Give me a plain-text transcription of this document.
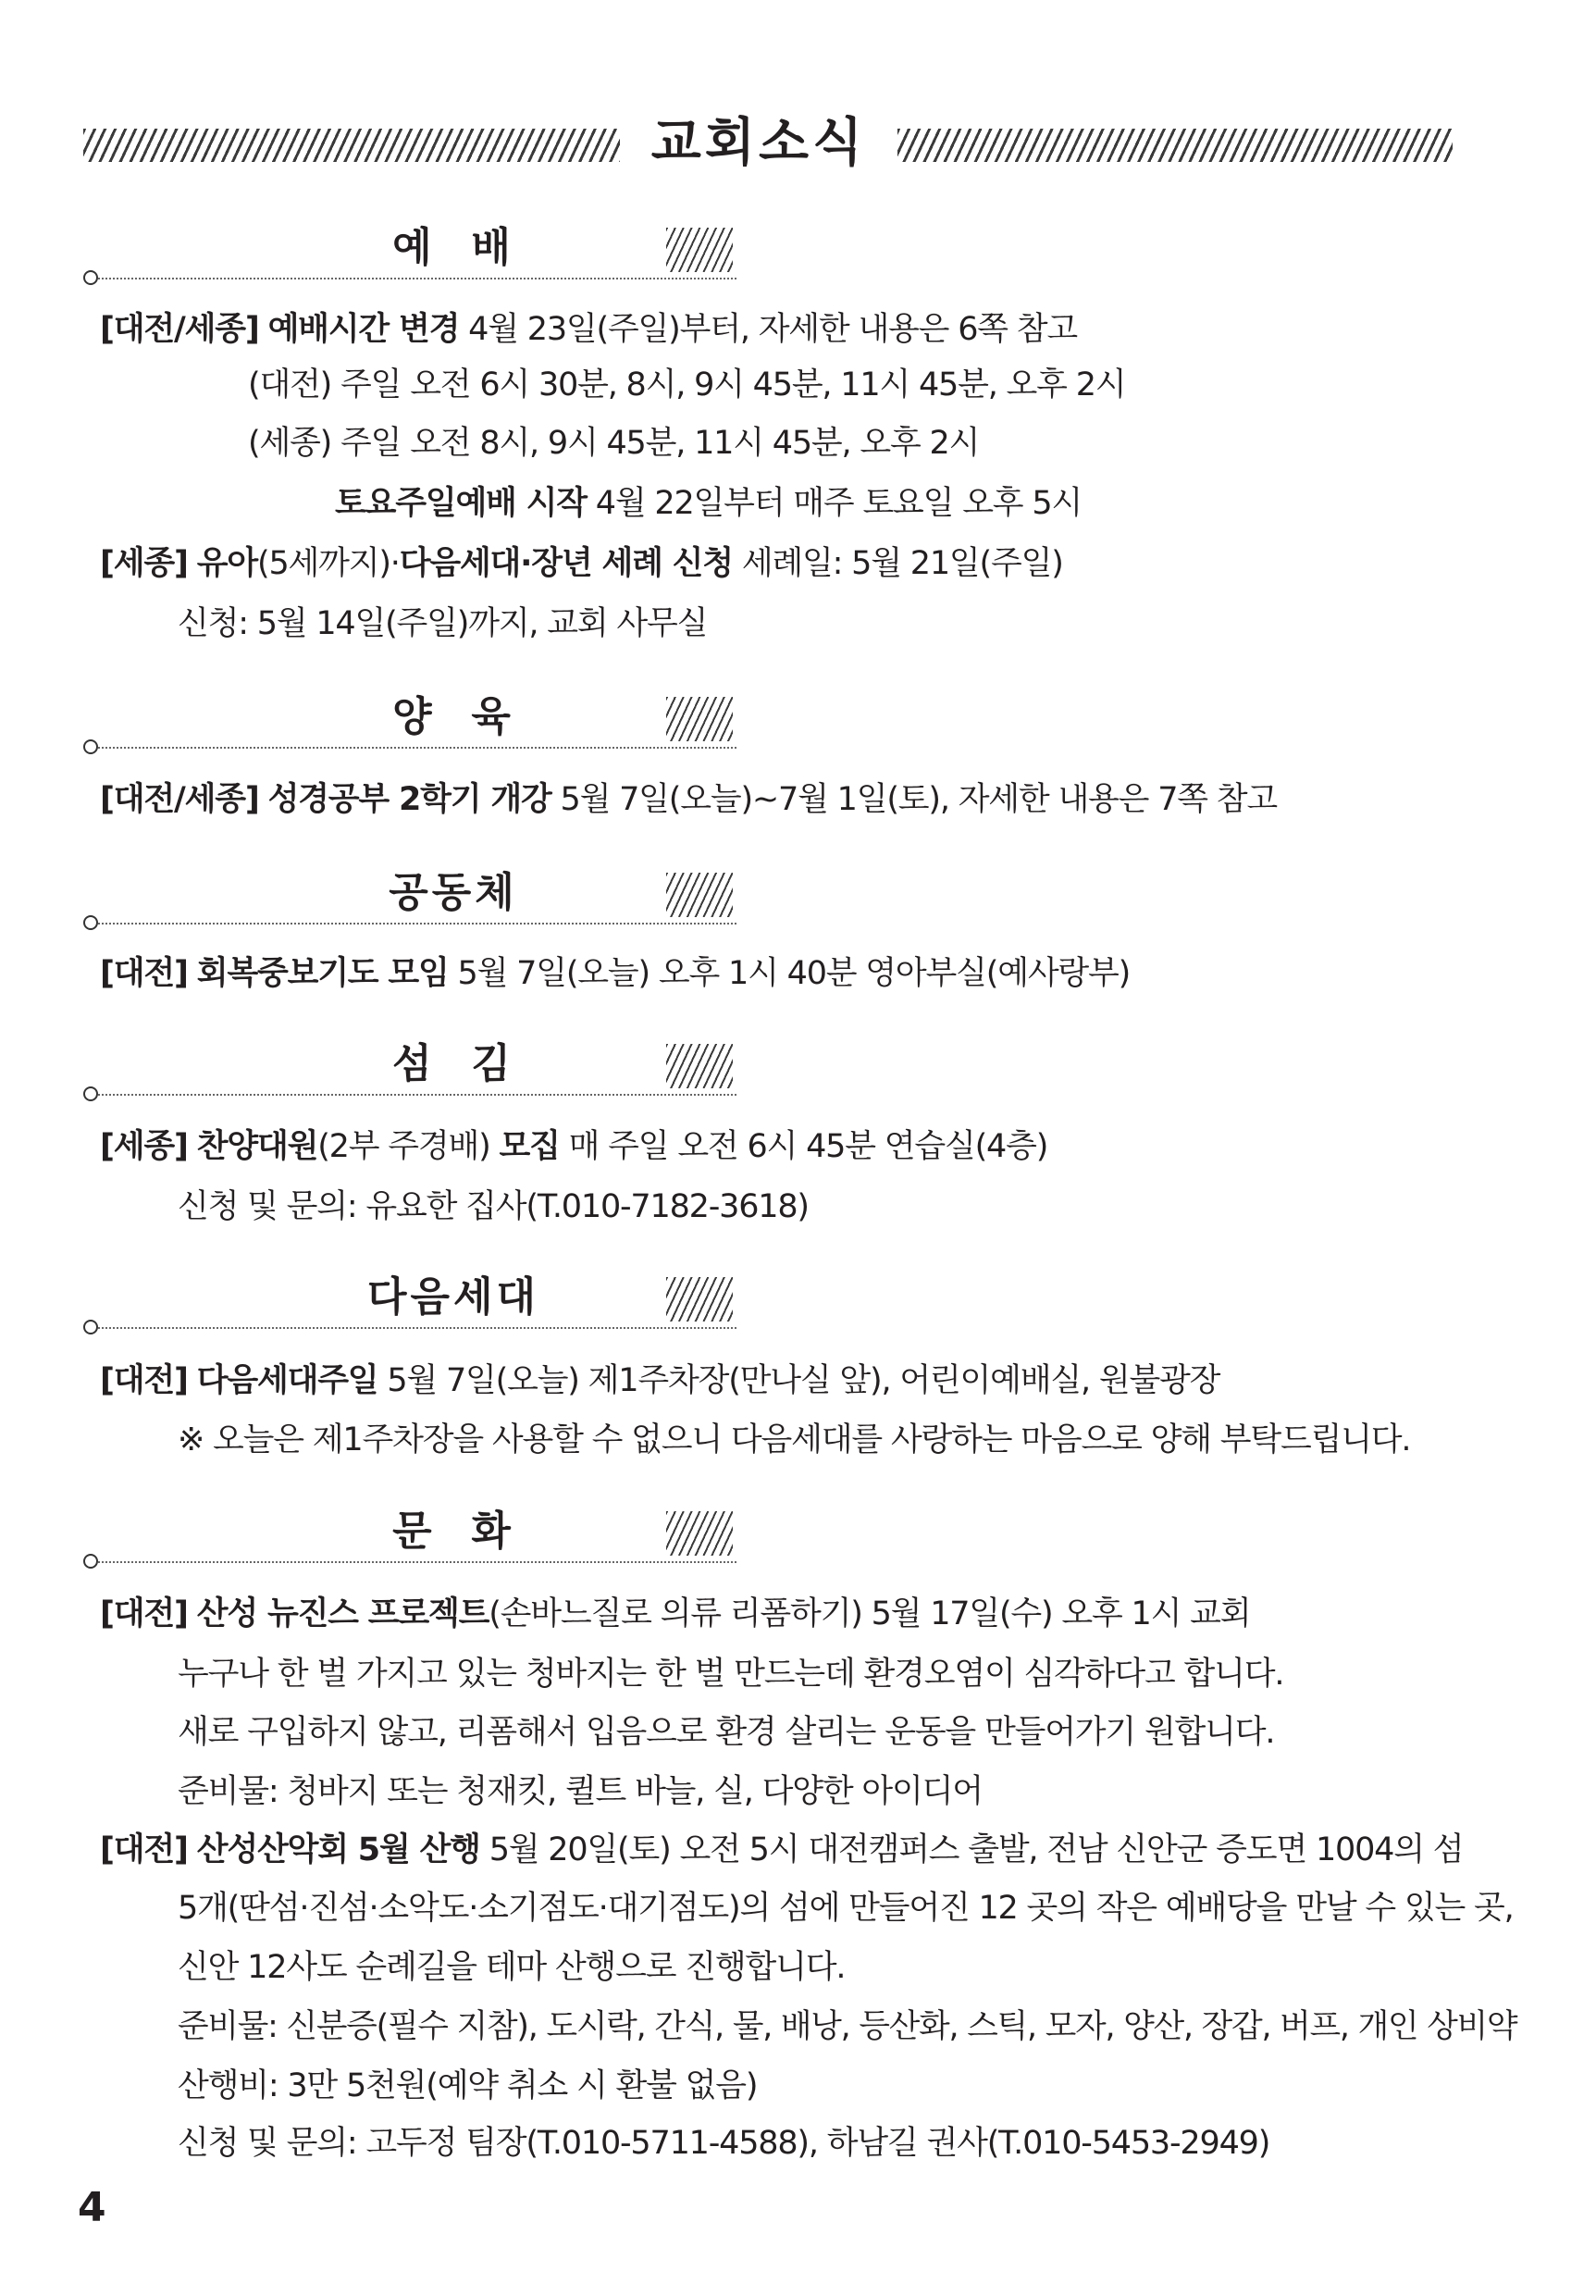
교회소식
예  배
[대전/세종] 예배시간 변경 4월 23일(주일)부터, 자세한 내용은 6쪽 참고
(대전) 주일 오전 6시 30분, 8시, 9시 45분, 11시 45분, 오후 2시
(세종) 주일 오전 8시, 9시 45분, 11시 45분, 오후 2시
토요주일예배 시작 4월 22일부터 매주 토요일 오후 5시
[세종] 유아(5세까지)·다음세대·장년 세례 신청 세례일: 5월 21일(주일)
신청: 5월 14일(주일)까지, 교회 사무실
양  육
[대전/세종] 성경공부 2학기 개강 5월 7일(오늘)~7월 1일(토), 자세한 내용은 7쪽 참고
공동체
[대전] 회복중보기도 모임 5월 7일(오늘) 오후 1시 40분 영아부실(예사랑부)
섬  김
[세종] 찬양대원(2부 주경배) 모집 매 주일 오전 6시 45분 연습실(4층)
신청 및 문의: 유요한 집사(T.010-7182-3618)
다음세대
[대전] 다음세대주일 5월 7일(오늘) 제1주차장(만나실 앞), 어린이예배실, 원불광장
※ 오늘은 제1주차장을 사용할 수 없으니 다음세대를 사랑하는 마음으로 양해 부탁드립니다.
문  화
[대전] 산성 뉴진스 프로젝트(손바느질로 의류 리폼하기) 5월 17일(수) 오후 1시 교회
누구나 한 벌 가지고 있는 청바지는 한 벌 만드는데 환경오염이 심각하다고 합니다.
새로 구입하지 않고, 리폼해서 입음으로 환경 살리는 운동을 만들어가기 원합니다.
준비물: 청바지 또는 청재킷, 퀼트 바늘, 실, 다양한 아이디어
[대전] 산성산악회 5월 산행 5월 20일(토) 오전 5시 대전캠퍼스 출발, 전남 신안군 증도면 1004의 섬
5개(딴섬·진섬·소악도·소기점도·대기점도)의 섬에 만들어진 12 곳의 작은 예배당을 만날 수 있는 곳,
신안 12사도 순례길을 테마 산행으로 진행합니다.
준비물: 신분증(필수 지참), 도시락, 간식, 물, 배낭, 등산화, 스틱, 모자, 양산, 장갑, 버프, 개인 상비약
산행비: 3만 5천원(예약 취소 시 환불 없음)
신청 및 문의: 고두정 팀장(T.010-5711-4588), 하남길 권사(T.010-5453-2949)
4
